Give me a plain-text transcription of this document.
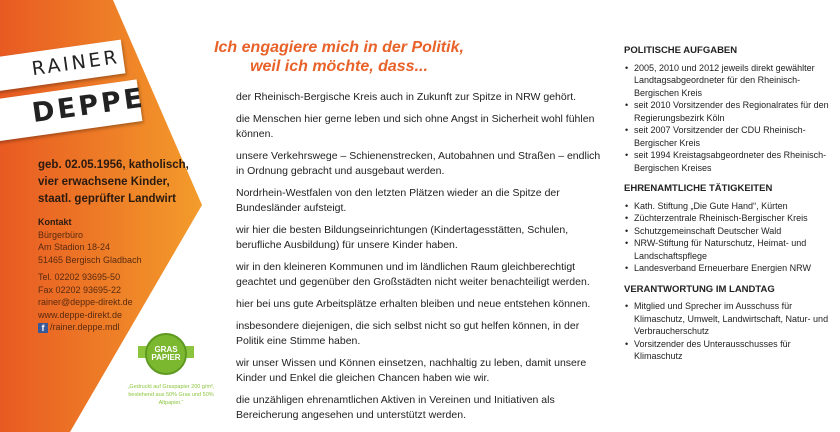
RAINER
DEPPE
geb. 02.05.1956, katholisch,
vier erwachsene Kinder,
staatl. geprüfter Landwirt
Kontakt
Bürgerbüro
Am Stadion 18-24
51465 Bergisch Gladbach
Tel. 02202 93695-50
Fax 02202 93695-22
rainer@deppe-direkt.de
www.deppe-direkt.de
f /rainer.deppe.mdl
GRAS
PAPIER
„Gedruckt auf Graspapier 200 g/m², bestehend aus 50% Gras und 50% Altpapier.“
Ich engagiere mich in der Politik,
weil ich möchte, dass...

der Rheinisch-Bergische Kreis auch in Zukunft zur Spitze in NRW gehört.

die Menschen hier gerne leben und sich ohne Angst in Sicherheit wohl fühlen können.

unsere Verkehrswege – Schienenstrecken, Autobahnen und Straßen – endlich in Ordnung gebracht und ausgebaut werden.

Nordrhein-Westfalen von den letzten Plätzen wieder an die Spitze der Bundesländer aufsteigt.

wir hier die besten Bildungseinrichtungen (Kindertagesstätten, Schulen, berufliche Ausbildung) für unsere Kinder haben.

wir in den kleineren Kommunen und im ländlichen Raum gleichberechtigt geachtet und gegenüber den Großstädten nicht weiter benachteiligt werden.

hier bei uns gute Arbeitsplätze erhalten bleiben und neue entstehen können.

insbesondere diejenigen, die sich selbst nicht so gut helfen können, in der Politik eine Stimme haben.

wir unser Wissen und Können einsetzen, nachhaltig zu leben, damit unsere Kinder und Enkel die gleichen Chancen haben wie wir.

die unzähligen ehrenamtlichen Aktiven in Vereinen und Initiativen als Bereicherung angesehen und unterstützt werden.

POLITISCHE AUFGABEN
• 2005, 2010 und 2012 jeweils direkt gewählter Landtagsabgeordneter für den Rheinisch-Bergischen Kreis
• seit 2010 Vorsitzender des Regionalrates für den Regierungsbezirk Köln
• seit 2007 Vorsitzender der CDU Rheinisch-Bergischer Kreis
• seit 1994 Kreistagsabgeordneter des Rheinisch-Bergischen Kreises
EHRENAMTLICHE TÄTIGKEITEN
• Kath. Stiftung „Die Gute Hand“, Kürten
• Züchterzentrale Rheinisch-Bergischer Kreis
• Schutzgemeinschaft Deutscher Wald
• NRW-Stiftung für Naturschutz, Heimat- und Landschaftspflege
• Landesverband Erneuerbare Energien NRW
VERANTWORTUNG IM LANDTAG
• Mitglied und Sprecher im Ausschuss für Klimaschutz, Umwelt, Landwirtschaft, Natur- und Verbraucherschutz
• Vorsitzender des Unterausschusses für Klimaschutz
